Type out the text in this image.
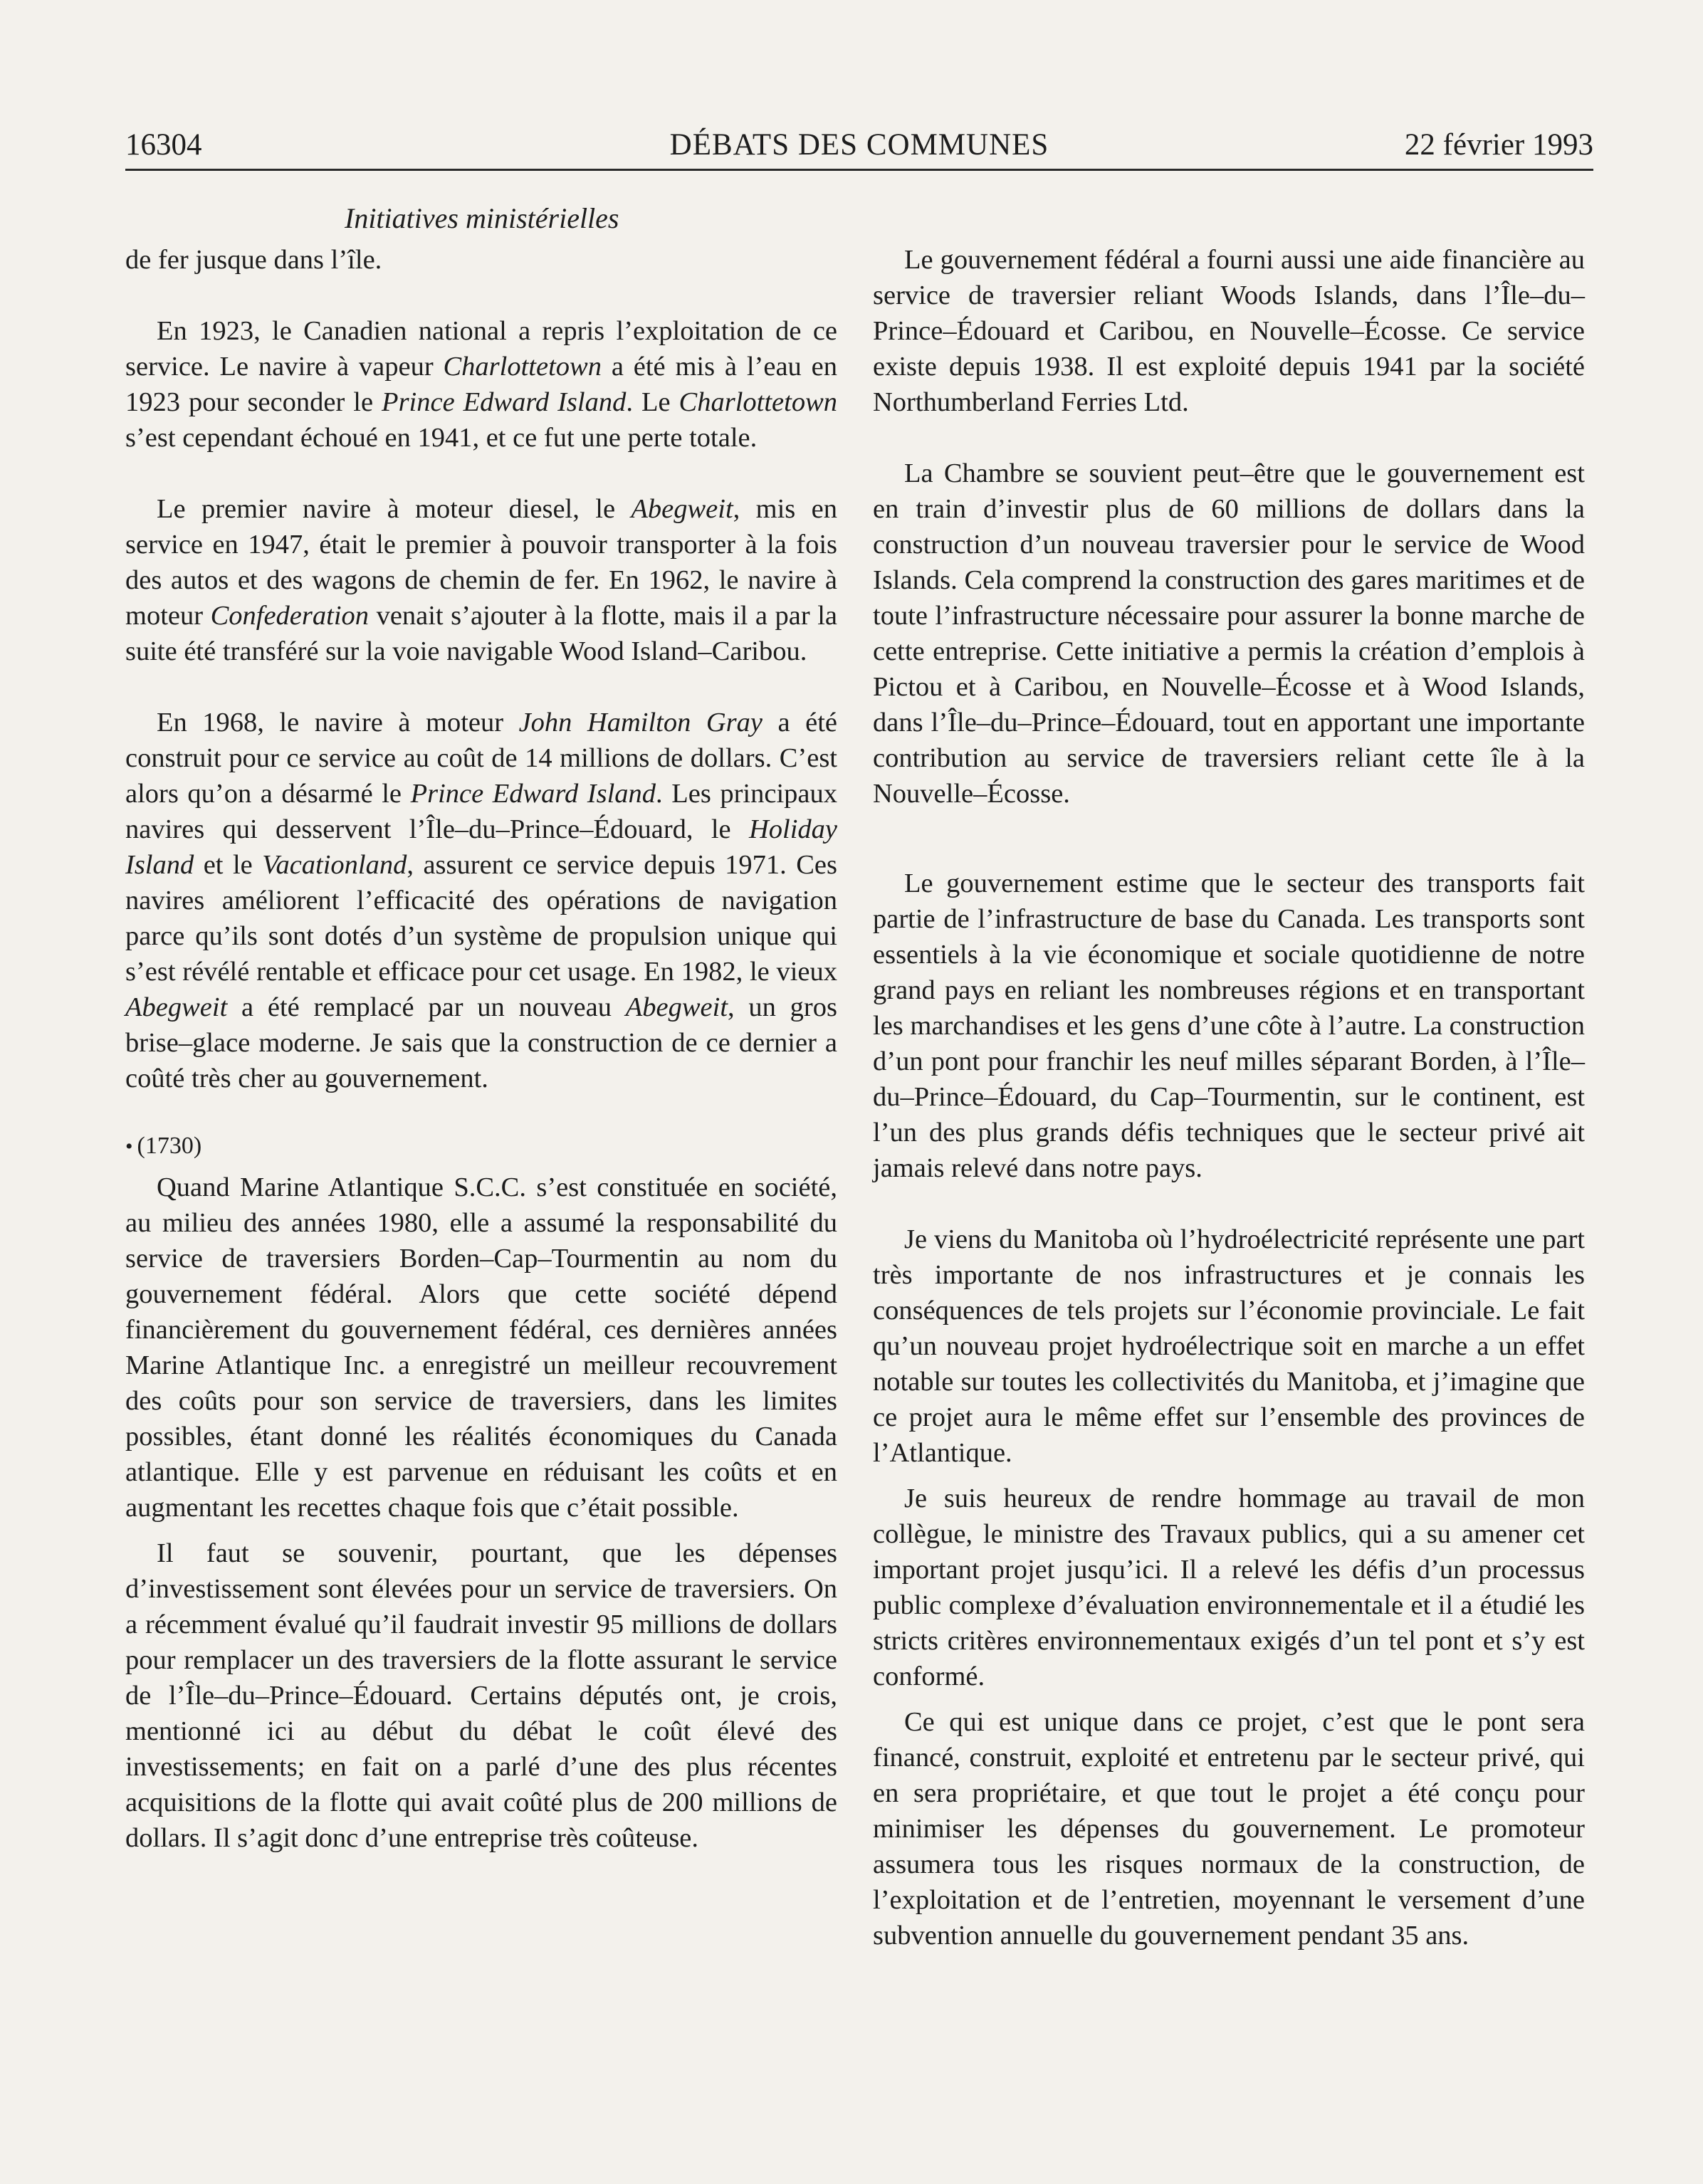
16304	DÉBATS DES COMMUNES	22 février 1993
Initiatives ministérielles

de fer jusque dans l’île.

En 1923, le Canadien national a repris l’exploitation de ce service. Le navire à vapeur Charlottetown a été mis à l’eau en 1923 pour seconder le Prince Edward Island. Le Charlottetown s’est cependant échoué en 1941, et ce fut une perte totale.

Le premier navire à moteur diesel, le Abegweit, mis en service en 1947, était le premier à pouvoir transporter à la fois des autos et des wagons de chemin de fer. En 1962, le navire à moteur Confederation venait s’ajouter à la flotte, mais il a par la suite été transféré sur la voie navigable Wood Island–Caribou.

En 1968, le navire à moteur John Hamilton Gray a été construit pour ce service au coût de 14 millions de dollars. C’est alors qu’on a désarmé le Prince Edward Island. Les principaux navires qui desservent l’Île–du–Prince–Édouard, le Holiday Island et le Vacationland, assurent ce service depuis 1971. Ces navires améliorent l’efficacité des opérations de navigation parce qu’ils sont dotés d’un système de propulsion unique qui s’est révélé rentable et efficace pour cet usage. En 1982, le vieux Abegweit a été remplacé par un nouveau Abegweit, un gros brise–glace moderne. Je sais que la construction de ce dernier a coûté très cher au gouvernement.

• (1730)

Quand Marine Atlantique S.C.C. s’est constituée en société, au milieu des années 1980, elle a assumé la responsabilité du service de traversiers Borden–Cap–Tourmentin au nom du gouvernement fédéral. Alors que cette société dépend financièrement du gouvernement fédéral, ces dernières années Marine Atlantique Inc. a enregistré un meilleur recouvrement des coûts pour son service de traversiers, dans les limites possibles, étant donné les réalités économiques du Canada atlantique. Elle y est parvenue en réduisant les coûts et en augmentant les recettes chaque fois que c’était possible.

Il faut se souvenir, pourtant, que les dépenses d’investissement sont élevées pour un service de traversiers. On a récemment évalué qu’il faudrait investir 95 millions de dollars pour remplacer un des traversiers de la flotte assurant le service de l’Île–du–Prince–Édouard. Certains députés ont, je crois, mentionné ici au début du débat le coût élevé des investissements; en fait on a parlé d’une des plus récentes acquisitions de la flotte qui avait coûté plus de 200 millions de dollars. Il s’agit donc d’une entreprise très coûteuse.

Le gouvernement fédéral a fourni aussi une aide financière au service de traversier reliant Woods Islands, dans l’Île–du–Prince–Édouard et Caribou, en Nouvelle–Écosse. Ce service existe depuis 1938. Il est exploité depuis 1941 par la société Northumberland Ferries Ltd.

La Chambre se souvient peut–être que le gouvernement est en train d’investir plus de 60 millions de dollars dans la construction d’un nouveau traversier pour le service de Wood Islands. Cela comprend la construction des gares maritimes et de toute l’infrastructure nécessaire pour assurer la bonne marche de cette entreprise. Cette initiative a permis la création d’emplois à Pictou et à Caribou, en Nouvelle–Écosse et à Wood Islands, dans l’Île–du–Prince–Édouard, tout en apportant une importante contribution au service de traversiers reliant cette île à la Nouvelle–Écosse.

Le gouvernement estime que le secteur des transports fait partie de l’infrastructure de base du Canada. Les transports sont essentiels à la vie économique et sociale quotidienne de notre grand pays en reliant les nombreuses régions et en transportant les marchandises et les gens d’une côte à l’autre. La construction d’un pont pour franchir les neuf milles séparant Borden, à l’Île–du–Prince–Édouard, du Cap–Tourmentin, sur le continent, est l’un des plus grands défis techniques que le secteur privé ait jamais relevé dans notre pays.

Je viens du Manitoba où l’hydroélectricité représente une part très importante de nos infrastructures et je connais les conséquences de tels projets sur l’économie provinciale. Le fait qu’un nouveau projet hydroélectrique soit en marche a un effet notable sur toutes les collectivités du Manitoba, et j’imagine que ce projet aura le même effet sur l’ensemble des provinces de l’Atlantique.

Je suis heureux de rendre hommage au travail de mon collègue, le ministre des Travaux publics, qui a su amener cet important projet jusqu’ici. Il a relevé les défis d’un processus public complexe d’évaluation environnementale et il a étudié les stricts critères environnementaux exigés d’un tel pont et s’y est conformé.

Ce qui est unique dans ce projet, c’est que le pont sera financé, construit, exploité et entretenu par le secteur privé, qui en sera propriétaire, et que tout le projet a été conçu pour minimiser les dépenses du gouvernement. Le promoteur assumera tous les risques normaux de la construction, de l’exploitation et de l’entretien, moyennant le versement d’une subvention annuelle du gouvernement pendant 35 ans.
